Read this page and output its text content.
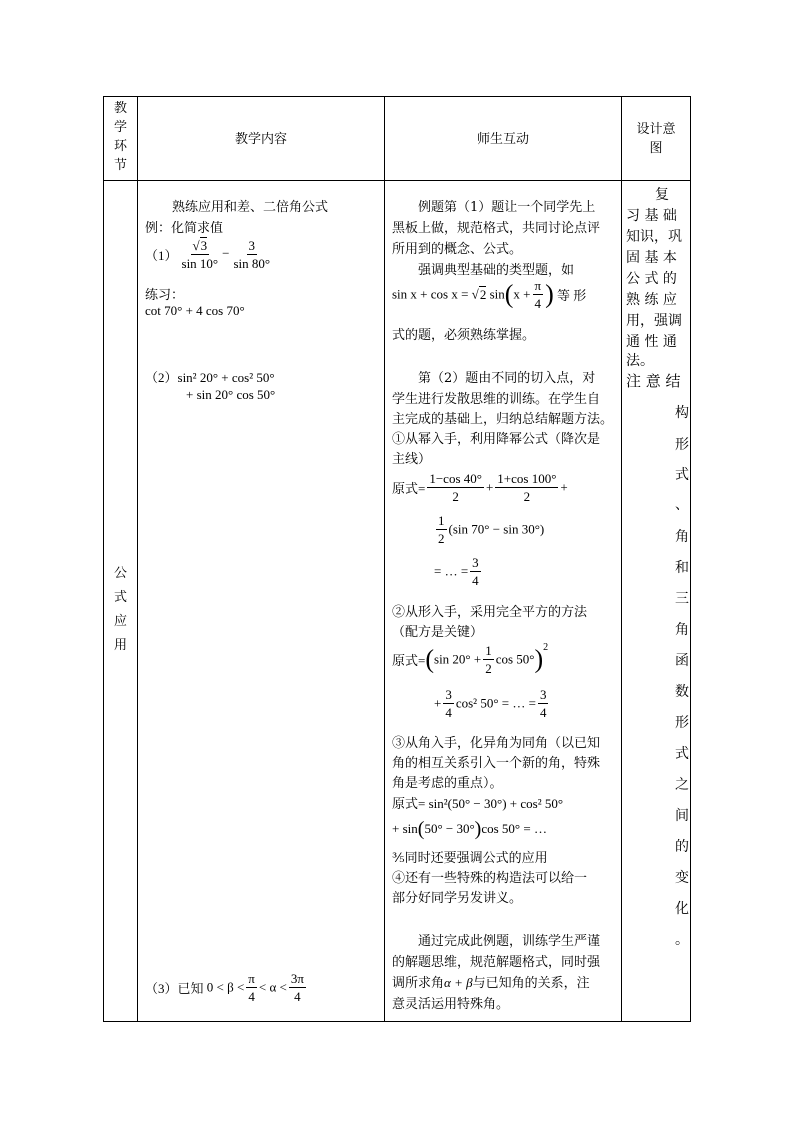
教
学
环
节
教学内容	师生互动
设计意
图
公
式
应
用
熟练应用和差、二倍角公式
例：化简求值
$(1) \frac{√3}{\sin 10^\circ} - \frac{3}{\sin 80^\circ}$
练习：
cot 70° + 4 cos 70°
（2）sin² 20° + cos² 50°
+ sin 20° cos 50°
（3）已知 $0 < \beta < \frac{\pi}{4} < \alpha < \frac{3\pi}{4}$
例题第（1）题让一个同学先上
黑板上做，规范格式，共同讨论点评
所用到的概念、公式。
强调典型基础的类型题，如
sin x + cos x = √2 $\sin(x + \frac{\pi}{4}$ ) 等 形
式的题，必须熟练掌握。
第（2）题由不同的切入点，对
学生进行发散思维的训练。在学生自
主完成的基础上，归纳总结解题方法。
①从幂入手，利用降幂公式（降次是
主线）
原式= $\frac{1-\cos 40^\circ}{2} + \frac{1+\cos 100^\circ}{2}$ +
$\frac{1}{2} (\sin$ 70° − sin 30°)
= … = $\frac{3}{4}$
②从形入手，采用完全平方的方法
（配方是关键）
原式=(sin $20^\circ + \frac{1}{2}$ cos 50°)$^2$
+ $\frac{3}{4} \cos^2$ 50° = … = $\frac{3}{4}$
③从角入手，化异角为同角（以已知
角的相互关系引入一个新的角，特殊
角是考虑的重点）。
原式= sin²(50° − 30°) + cos² 50°
+ sin(50° − 30°)cos 50° = …
⅗同时还要强调公式的应用
④还有一些特殊的构造法可以给一
部分好同学另发讲义。
通过完成此例题，训练学生严谨
的解题思维，规范解题格式，同时强
调所求角α + β与已知角的关系，注
意灵活运用特殊角。
复
习 基 础
知识，巩
固 基 本
公 式 的
熟 练 应
用，强调
通 性 通
法。
注 意 结
构
形
式
、
角
和
三
角
函
数
形
式
之
间
的
变
化
。
